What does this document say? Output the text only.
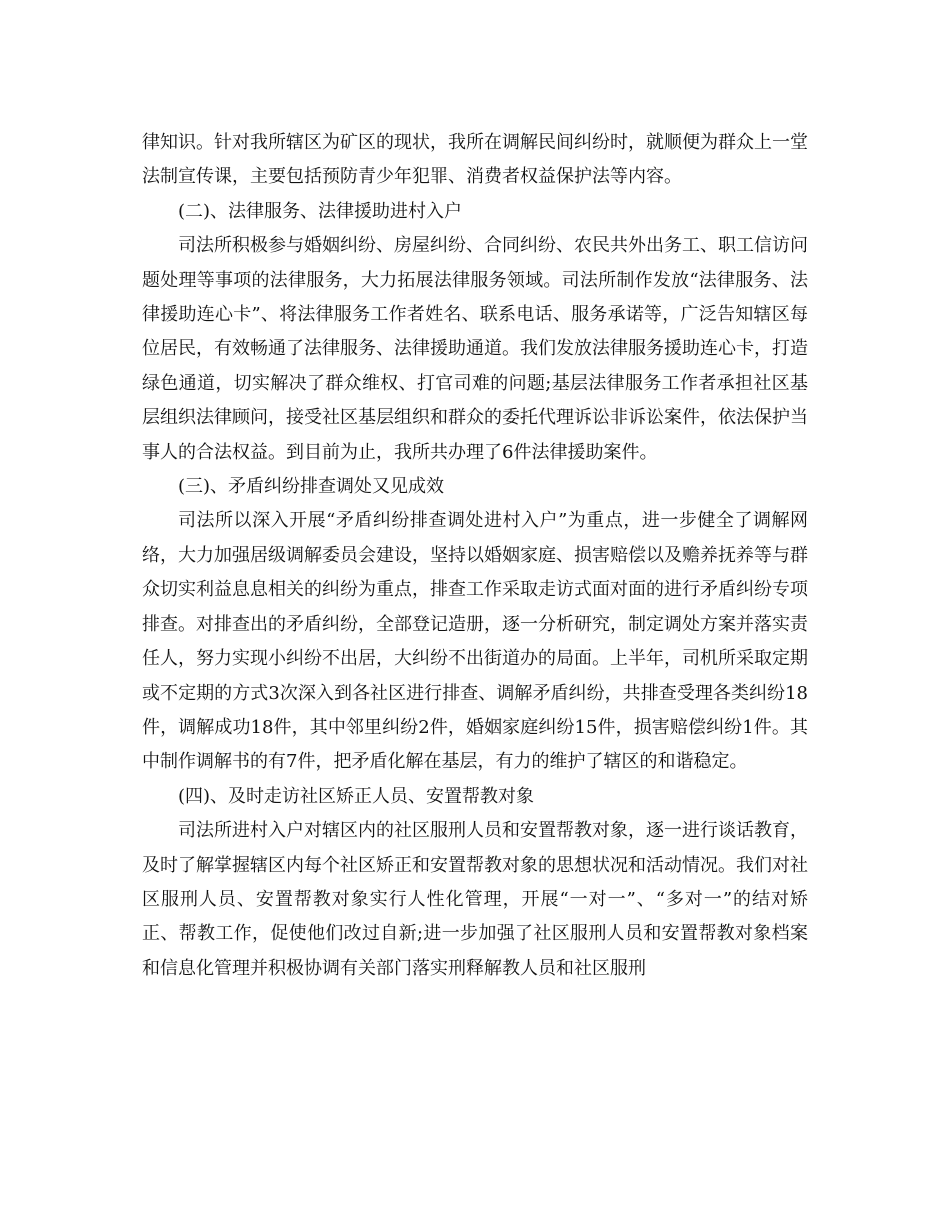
律知识。针对我所辖区为矿区的现状，我所在调解民间纠纷时，就顺便为群众上一堂法制宣传课，主要包括预防青少年犯罪、消费者权益保护法等内容。

(二)、法律服务、法律援助进村入户

司法所积极参与婚姻纠纷、房屋纠纷、合同纠纷、农民共外出务工、职工信访问题处理等事项的法律服务，大力拓展法律服务领域。司法所制作发放“法律服务、法律援助连心卡”、将法律服务工作者姓名、联系电话、服务承诺等，广泛告知辖区每位居民，有效畅通了法律服务、法律援助通道。我们发放法律服务援助连心卡，打造绿色通道，切实解决了群众维权、打官司难的问题;基层法律服务工作者承担社区基层组织法律顾问，接受社区基层组织和群众的委托代理诉讼非诉讼案件，依法保护当事人的合法权益。到目前为止，我所共办理了6件法律援助案件。

(三)、矛盾纠纷排查调处又见成效

司法所以深入开展“矛盾纠纷排查调处进村入户”为重点，进一步健全了调解网络，大力加强居级调解委员会建设，坚持以婚姻家庭、损害赔偿以及赡养抚养等与群众切实利益息息相关的纠纷为重点，排查工作采取走访式面对面的进行矛盾纠纷专项排查。对排查出的矛盾纠纷，全部登记造册，逐一分析研究，制定调处方案并落实责任人，努力实现小纠纷不出居，大纠纷不出街道办的局面。上半年，司机所采取定期或不定期的方式3次深入到各社区进行排查、调解矛盾纠纷，共排查受理各类纠纷18件，调解成功18件，其中邻里纠纷2件，婚姻家庭纠纷15件，损害赔偿纠纷1件。其中制作调解书的有7件，把矛盾化解在基层，有力的维护了辖区的和谐稳定。

(四)、及时走访社区矫正人员、安置帮教对象

司法所进村入户对辖区内的社区服刑人员和安置帮教对象，逐一进行谈话教育，及时了解掌握辖区内每个社区矫正和安置帮教对象的思想状况和活动情况。我们对社区服刑人员、安置帮教对象实行人性化管理，开展“一对一”、“多对一”的结对矫正、帮教工作，促使他们改过自新;进一步加强了社区服刑人员和安置帮教对象档案和信息化管理并积极协调有关部门落实刑释解教人员和社区服刑
